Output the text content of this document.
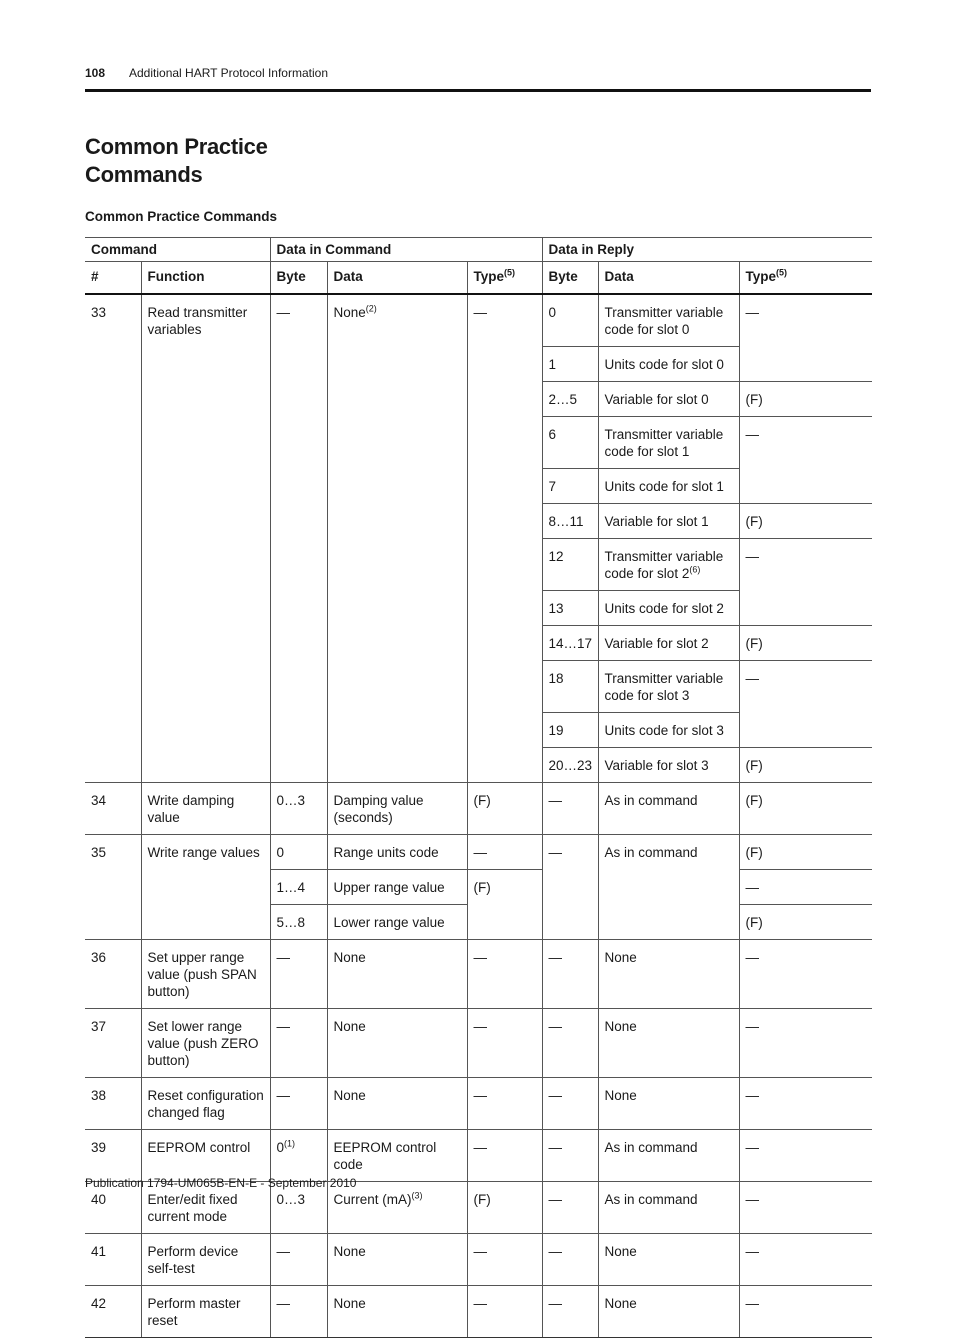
108 Additional HART Protocol Information
Common Practice Commands
Common Practice Commands
Command		Data in Command			Data in Reply		
#	Function	Byte	Data	Type$^{(5)}$	Byte	Data	Type$^{(5)}$
33	Read transmitter variables	—	None$^{(2)}$	—	0	Transmitter variable code for slot 0	—
					1	Units code for slot 0	
					2…5	Variable for slot 0	(F)
					6	Transmitter variable code for slot 1	—
					7	Units code for slot 1	
					8…11	Variable for slot 1	(F)
					12	Transmitter variable code for slot 2$^{(6)}$	—
					13	Units code for slot 2	
					14…17	Variable for slot 2	(F)
					18	Transmitter variable code for slot 3	—
					19	Units code for slot 3	
					20…23	Variable for slot 3	(F)
34	Write damping value	0…3	Damping value (seconds)	(F)	—	As in command	(F)
35	Write range values	0	Range units code	—	—	As in command	(F)
		1…4	Upper range value	(F)			—
		5…8	Lower range value				(F)
36	Set upper range value (push SPAN button)	—	None	—	—	None	—
37	Set lower range value (push ZERO button)	—	None	—	—	None	—
38	Reset configuration changed flag	—	None	—	—	None	—
39	EEPROM control	0$^{(1)}$	EEPROM control code	—	—	As in command	—
40	Enter/edit fixed current mode	0…3	Current (mA)$^{(3)}$	(F)	—	As in command	—
41	Perform device self-test	—	None	—	—	None	—
42	Perform master reset	—	None	—	—	None	—
Publication 1794-UM065B-EN-E - September 2010
